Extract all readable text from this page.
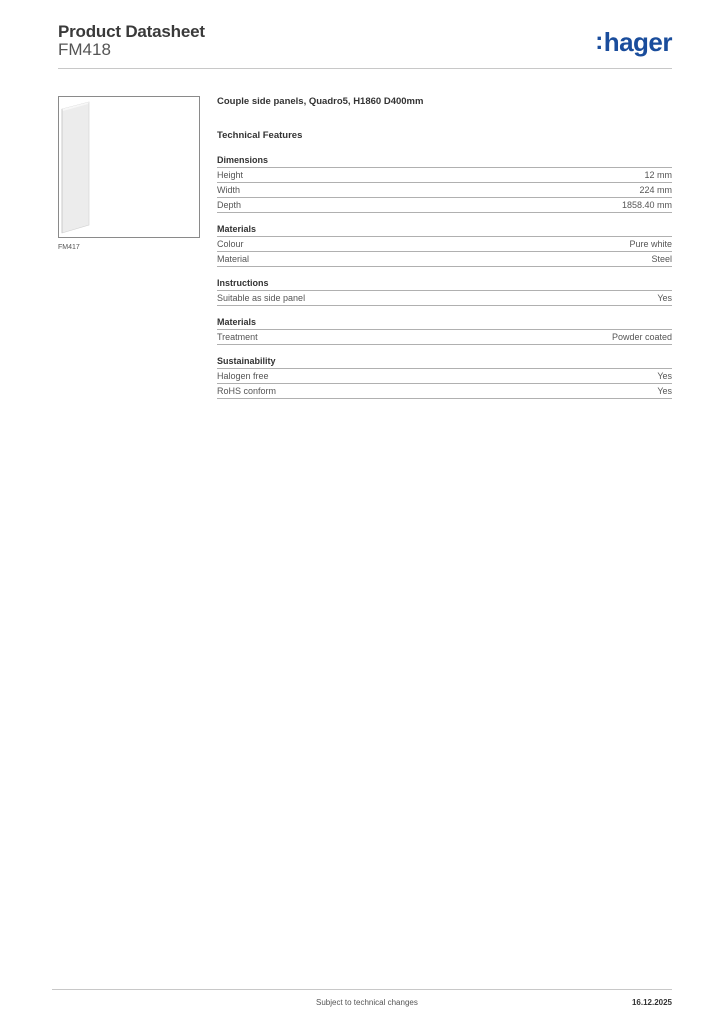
Product Datasheet
FM418	:hager
FM417
Couple side panels, Quadro5, H1860 D400mm
Technical Features
Dimensions
Height	12 mm
Width	224 mm
Depth	1858.40 mm
Materials
Colour	Pure white
Material	Steel
Instructions
Suitable as side panel	Yes
Materials
Treatment	Powder coated
Sustainability
Halogen free	Yes
RoHS conform	Yes
Subject to technical changes	16.12.2025
